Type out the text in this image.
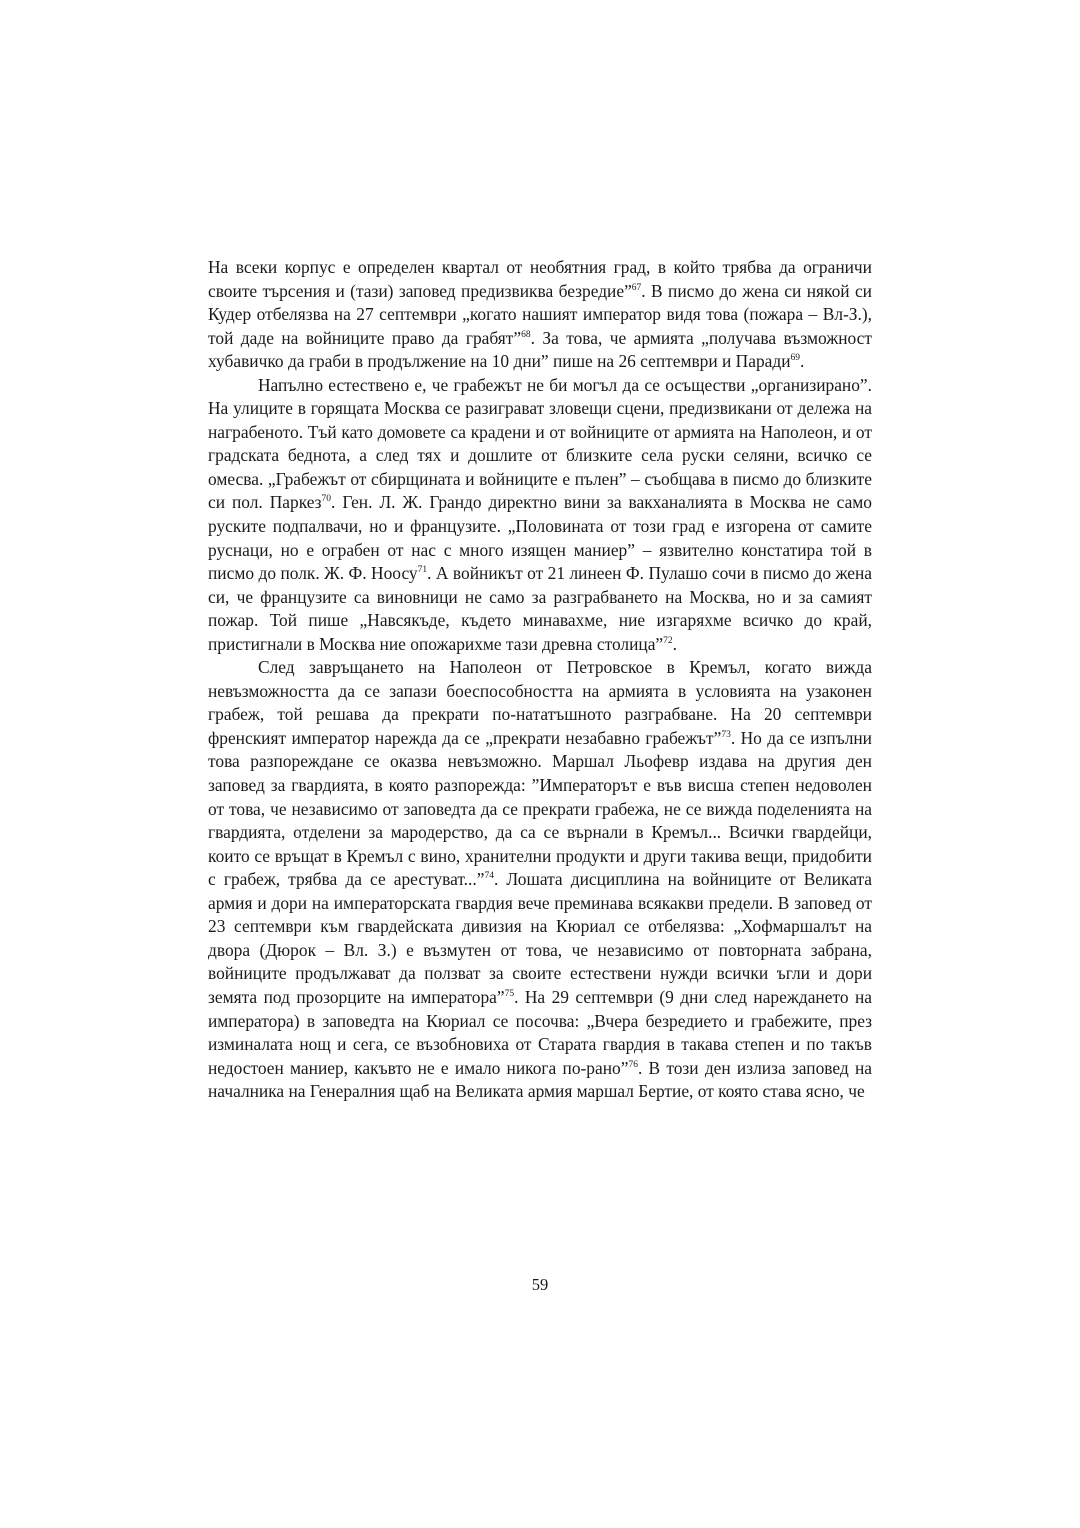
На всеки корпус е определен квартал от необятния град, в който трябва да ограничи своите търсения и (тази) заповед предизвиква безредие”$^{67}$. В писмо до жена си някой си Кудер отбелязва на 27 септември „когато нашият император видя това (пожара – Вл-З.), той даде на войниците право да грабят”$^{68}$. За това, че армията „получава възможност хубавичко да граби в продължение на 10 дни” пише на 26 септември и Паради$^{69}$.

Напълно естествено е, че грабежът не би могъл да се осъществи „организирано”. На улиците в горящата Москва се разиграват зловещи сцени, предизвикани от дележа на награбеното. Тъй като домовете са крадени и от войниците от армията на Наполеон, и от градската беднота, а след тях и дошлите от близките села руски селяни, всичко се омесва. „Грабежът от сбирщината и войниците е пълен” – съобщава в писмо до близките си пол. Паркез$^{70}$. Ген. Л. Ж. Грандо директно вини за вакханалията в Москва не само руските подпалвачи, но и французите. „Половината от този град е изгорена от самите руснаци, но е ограбен от нас с много изящен маниер” – язвително констатира той в писмо до полк. Ж. Ф. Ноосу$^{71}$. А войникът от 21 линеен Ф. Пулашо сочи в писмо до жена си, че французите са виновници не само за разграбването на Москва, но и за самият пожар. Той пише „Навсякъде, където минавахме, ние изгаряхме всичко до край, пристигнали в Москва ние опожарихме тази древна столица”$^{72}$.

След завръщането на Наполеон от Петровское в Кремъл, когато вижда невъзможността да се запази боеспособността на армията в условията на узаконен грабеж, той решава да прекрати по-нататъшното разграбване. На 20 септември френският император нарежда да се „прекрати незабавно грабежът”$^{73}$. Но да се изпълни това разпореждане се оказва невъзможно. Маршал Льофевр издава на другия ден заповед за гвардията, в която разпорежда: ”Императорът е във висша степен недоволен от това, че независимо от заповедта да се прекрати грабежа, не се вижда поделенията на гвардията, отделени за мародерство, да са се върнали в Кремъл... Всички гвардейци, които се връщат в Кремъл с вино, хранителни продукти и други такива вещи, придобити с грабеж, трябва да се арестуват...”$^{74}$. Лошата дисциплина на войниците от Великата армия и дори на императорската гвардия вече преминава всякакви предели. В заповед от 23 септември към гвардейската дивизия на Кюриал се отбелязва: „Хофмаршалът на двора (Дюрок – Вл. З.) е възмутен от това, че независимо от повторната забрана, войниците продължават да ползват за своите естествени нужди всички ъгли и дори земята под прозорците на императора”$^{75}$. На 29 септември (9 дни след нареждането на императора) в заповедта на Кюриал се посочва: „Вчера безредието и грабежите, през изминалата нощ и сега, се възобновиха от Старата гвардия в такава степен и по такъв недостоен маниер, какъвто не е имало никога по-рано”$^{76}$. В този ден излиза заповед на началника на Генералния щаб на Великата армия маршал Бертие, от която става ясно, че

59
